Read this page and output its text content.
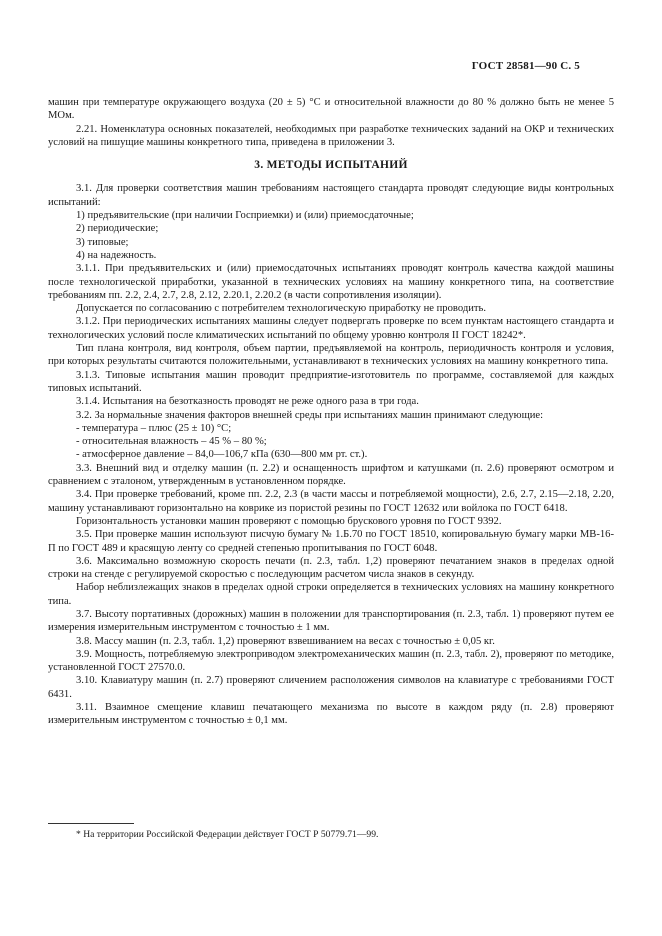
ГОСТ 28581—90 С. 5

машин при температуре окружающего воздуха (20 ± 5) °С и относительной влажности до 80 % должно быть не менее 5 МОм.

2.21. Номенклатура основных показателей, необходимых при разработке технических заданий на ОКР и технических условий на пишущие машины конкретного типа, приведена в приложении 3.

3. МЕТОДЫ ИСПЫТАНИЙ

3.1. Для проверки соответствия машин требованиям настоящего стандарта проводят следующие виды контрольных испытаний:

1) предъявительские (при наличии Госприемки) и (или) приемосдаточные;

2) периодические;

3) типовые;

4) на надежность.

3.1.1. При предъявительских и (или) приемосдаточных испытаниях проводят контроль качества каждой машины после технологической приработки, указанной в технических условиях на машину конкретного типа, на соответствие требованиям пп. 2.2, 2.4, 2.7, 2.8, 2.12, 2.20.1, 2.20.2 (в части сопротивления изоляции).

Допускается по согласованию с потребителем технологическую приработку не проводить.

3.1.2. При периодических испытаниях машины следует подвергать проверке по всем пунктам настоящего стандарта и технологических условий после климатических испытаний по общему уровню контроля II ГОСТ 18242*.

Тип плана контроля, вид контроля, объем партии, предъявляемой на контроль, периодичность контроля и условия, при которых результаты считаются положительными, устанавливают в технических условиях на машину конкретного типа.

3.1.3. Типовые испытания машин проводит предприятие-изготовитель по программе, составляемой для каждых типовых испытаний.

3.1.4. Испытания на безотказность проводят не реже одного раза в три года.

3.2. За нормальные значения факторов внешней среды при испытаниях машин принимают следующие:

- температура – плюс (25 ± 10) °С;

- относительная влажность – 45 % – 80 %;

- атмосферное давление – 84,0—106,7 кПа (630—800 мм рт. ст.).

3.3. Внешний вид и отделку машин (п. 2.2) и оснащенность шрифтом и катушками (п. 2.6) проверяют осмотром и сравнением с эталоном, утвержденным в установленном порядке.

3.4. При проверке требований, кроме пп. 2.2, 2.3 (в части массы и потребляемой мощности), 2.6, 2.7, 2.15—2.18, 2.20, машину устанавливают горизонтально на коврике из пористой резины по ГОСТ 12632 или войлока по ГОСТ 6418.

Горизонтальность установки машин проверяют с помощью брускового уровня по ГОСТ 9392.

3.5. При проверке машин используют писчую бумагу № 1.Б.70 по ГОСТ 18510, копировальную бумагу марки МВ-16-П по ГОСТ 489 и красящую ленту со средней степенью пропитывания по ГОСТ 6048.

3.6. Максимально возможную скорость печати (п. 2.3, табл. 1,2) проверяют печатанием знаков в пределах одной строки на стенде с регулируемой скоростью с последующим расчетом числа знаков в секунду.

Набор неблизлежащих знаков в пределах одной строки определяется в технических условиях на машину конкретного типа.

3.7. Высоту портативных (дорожных) машин в положении для транспортирования (п. 2.3, табл. 1) проверяют путем ее измерения измерительным инструментом с точностью ± 1 мм.

3.8. Массу машин (п. 2.3, табл. 1,2) проверяют взвешиванием на весах с точностью ± 0,05 кг.

3.9. Мощность, потребляемую электроприводом электромеханических машин (п. 2.3, табл. 2), проверяют по методике, установленной ГОСТ 27570.0.

3.10. Клавиатуру машин (п. 2.7) проверяют сличением расположения символов на клавиатуре с требованиями ГОСТ 6431.

3.11. Взаимное смещение клавиш печатающего механизма по высоте в каждом ряду (п. 2.8) проверяют измерительным инструментом с точностью ± 0,1 мм.

* На территории Российской Федерации действует ГОСТ Р 50779.71—99.
